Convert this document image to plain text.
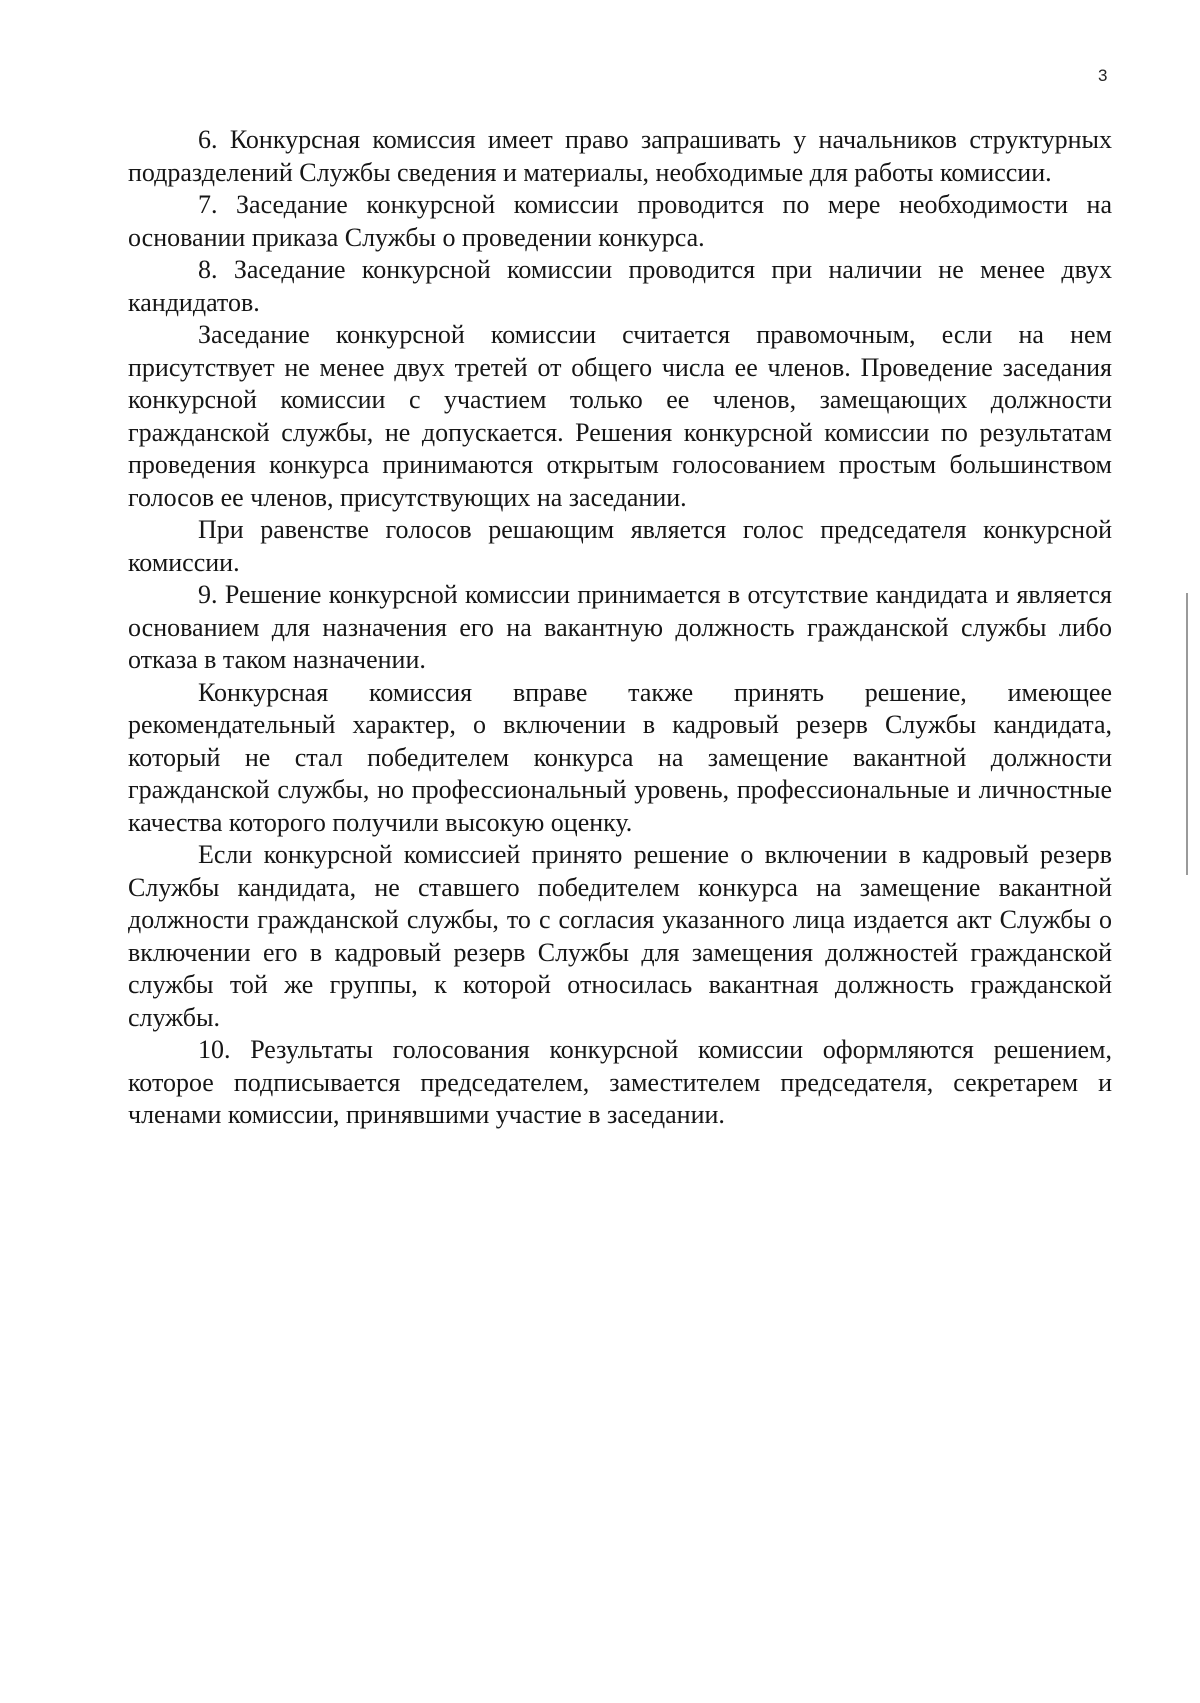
3

6. Конкурсная комиссия имеет право запрашивать у начальников структурных подразделений Службы сведения и материалы, необходимые для работы комиссии.

7. Заседание конкурсной комиссии проводится по мере необходимости на основании приказа Службы о проведении конкурса.

8. Заседание конкурсной комиссии проводится при наличии не менее двух кандидатов.

Заседание конкурсной комиссии считается правомочным, если на нем присутствует не менее двух третей от общего числа ее членов. Проведение заседания конкурсной комиссии с участием только ее членов, замещающих должности гражданской службы, не допускается. Решения конкурсной комиссии по результатам проведения конкурса принимаются открытым голосованием простым большинством голосов ее членов, присутствующих на заседании.

При равенстве голосов решающим является голос председателя конкурсной комиссии.

9. Решение конкурсной комиссии принимается в отсутствие кандидата и является основанием для назначения его на вакантную должность гражданской службы либо отказа в таком назначении.

Конкурсная комиссия вправе также принять решение, имеющее рекомендательный характер, о включении в кадровый резерв Службы кандидата, который не стал победителем конкурса на замещение вакантной должности гражданской службы, но профессиональный уровень, профессиональные и личностные качества которого получили высокую оценку.

Если конкурсной комиссией принято решение о включении в кадровый резерв Службы кандидата, не ставшего победителем конкурса на замещение вакантной должности гражданской службы, то с согласия указанного лица издается акт Службы о включении его в кадровый резерв Службы для замещения должностей гражданской службы той же группы, к которой относилась вакантная должность гражданской службы.

10. Результаты голосования конкурсной комиссии оформляются решением, которое подписывается председателем, заместителем председателя, секретарем и членами комиссии, принявшими участие в заседании.
